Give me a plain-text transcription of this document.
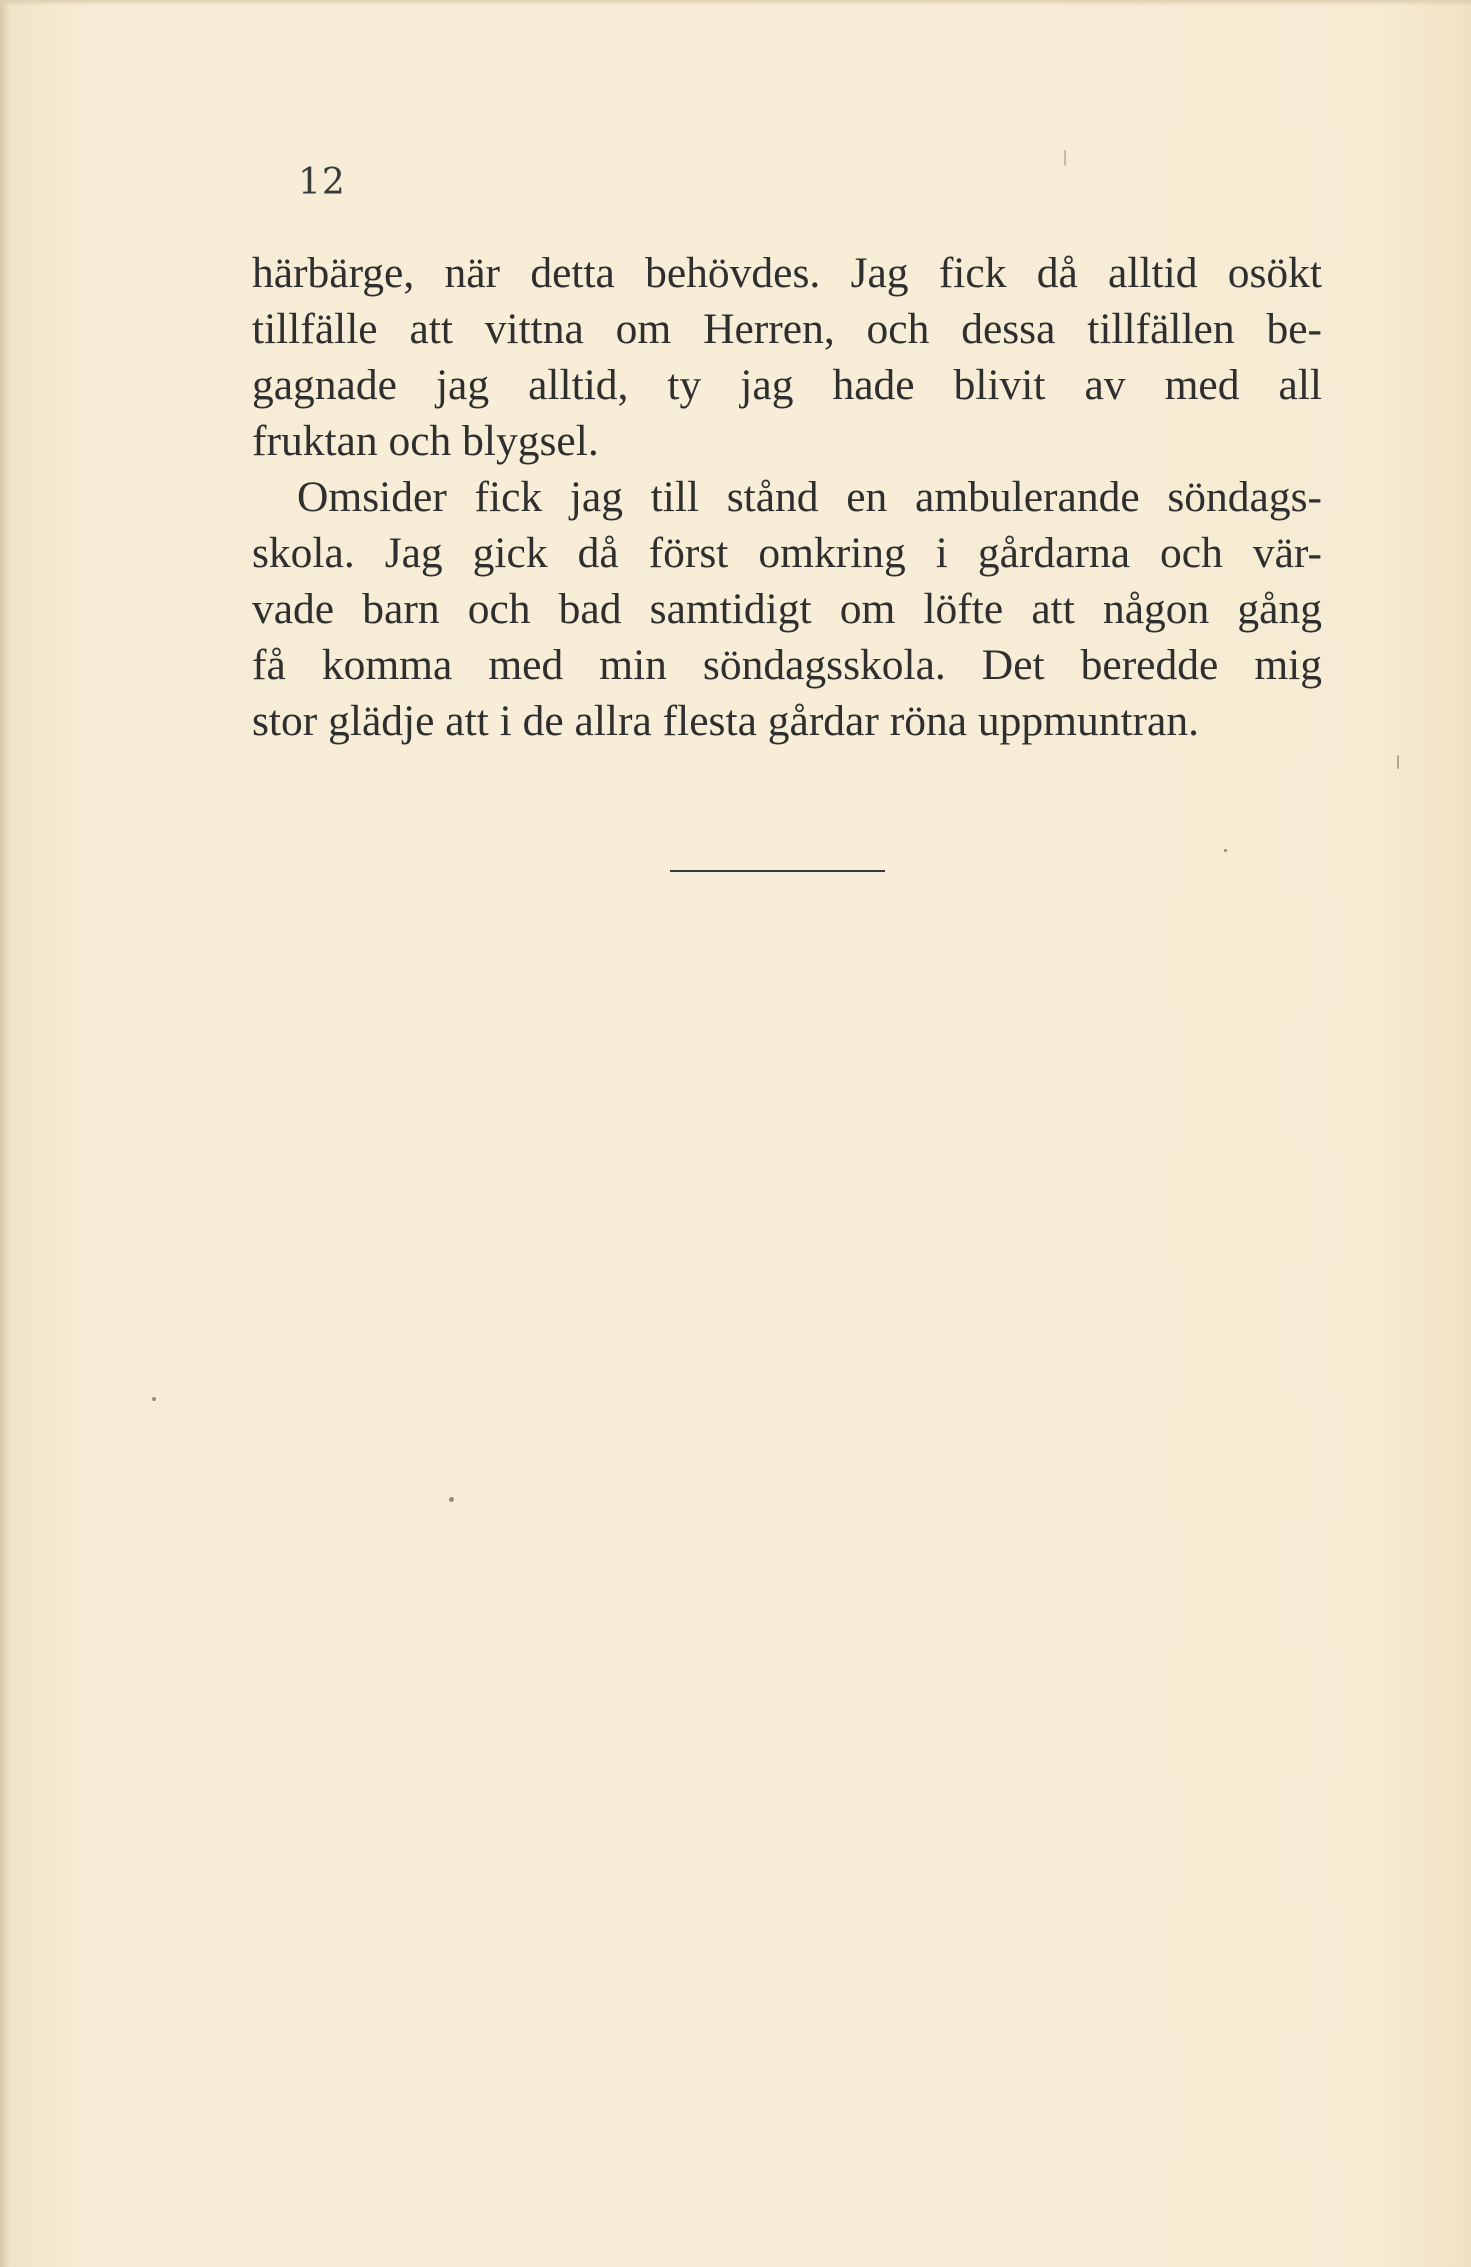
12
härbärge, när detta behövdes. Jag fick då alltid osökt
tillfälle att vittna om Herren, och dessa tillfällen be-
gagnade jag alltid, ty jag hade blivit av med all
fruktan och blygsel.
Omsider fick jag till stånd en ambulerande söndags-
skola. Jag gick då först omkring i gårdarna och vär-
vade barn och bad samtidigt om löfte att någon gång
få komma med min söndagsskola. Det beredde mig
stor glädje att i de allra flesta gårdar röna uppmuntran.
